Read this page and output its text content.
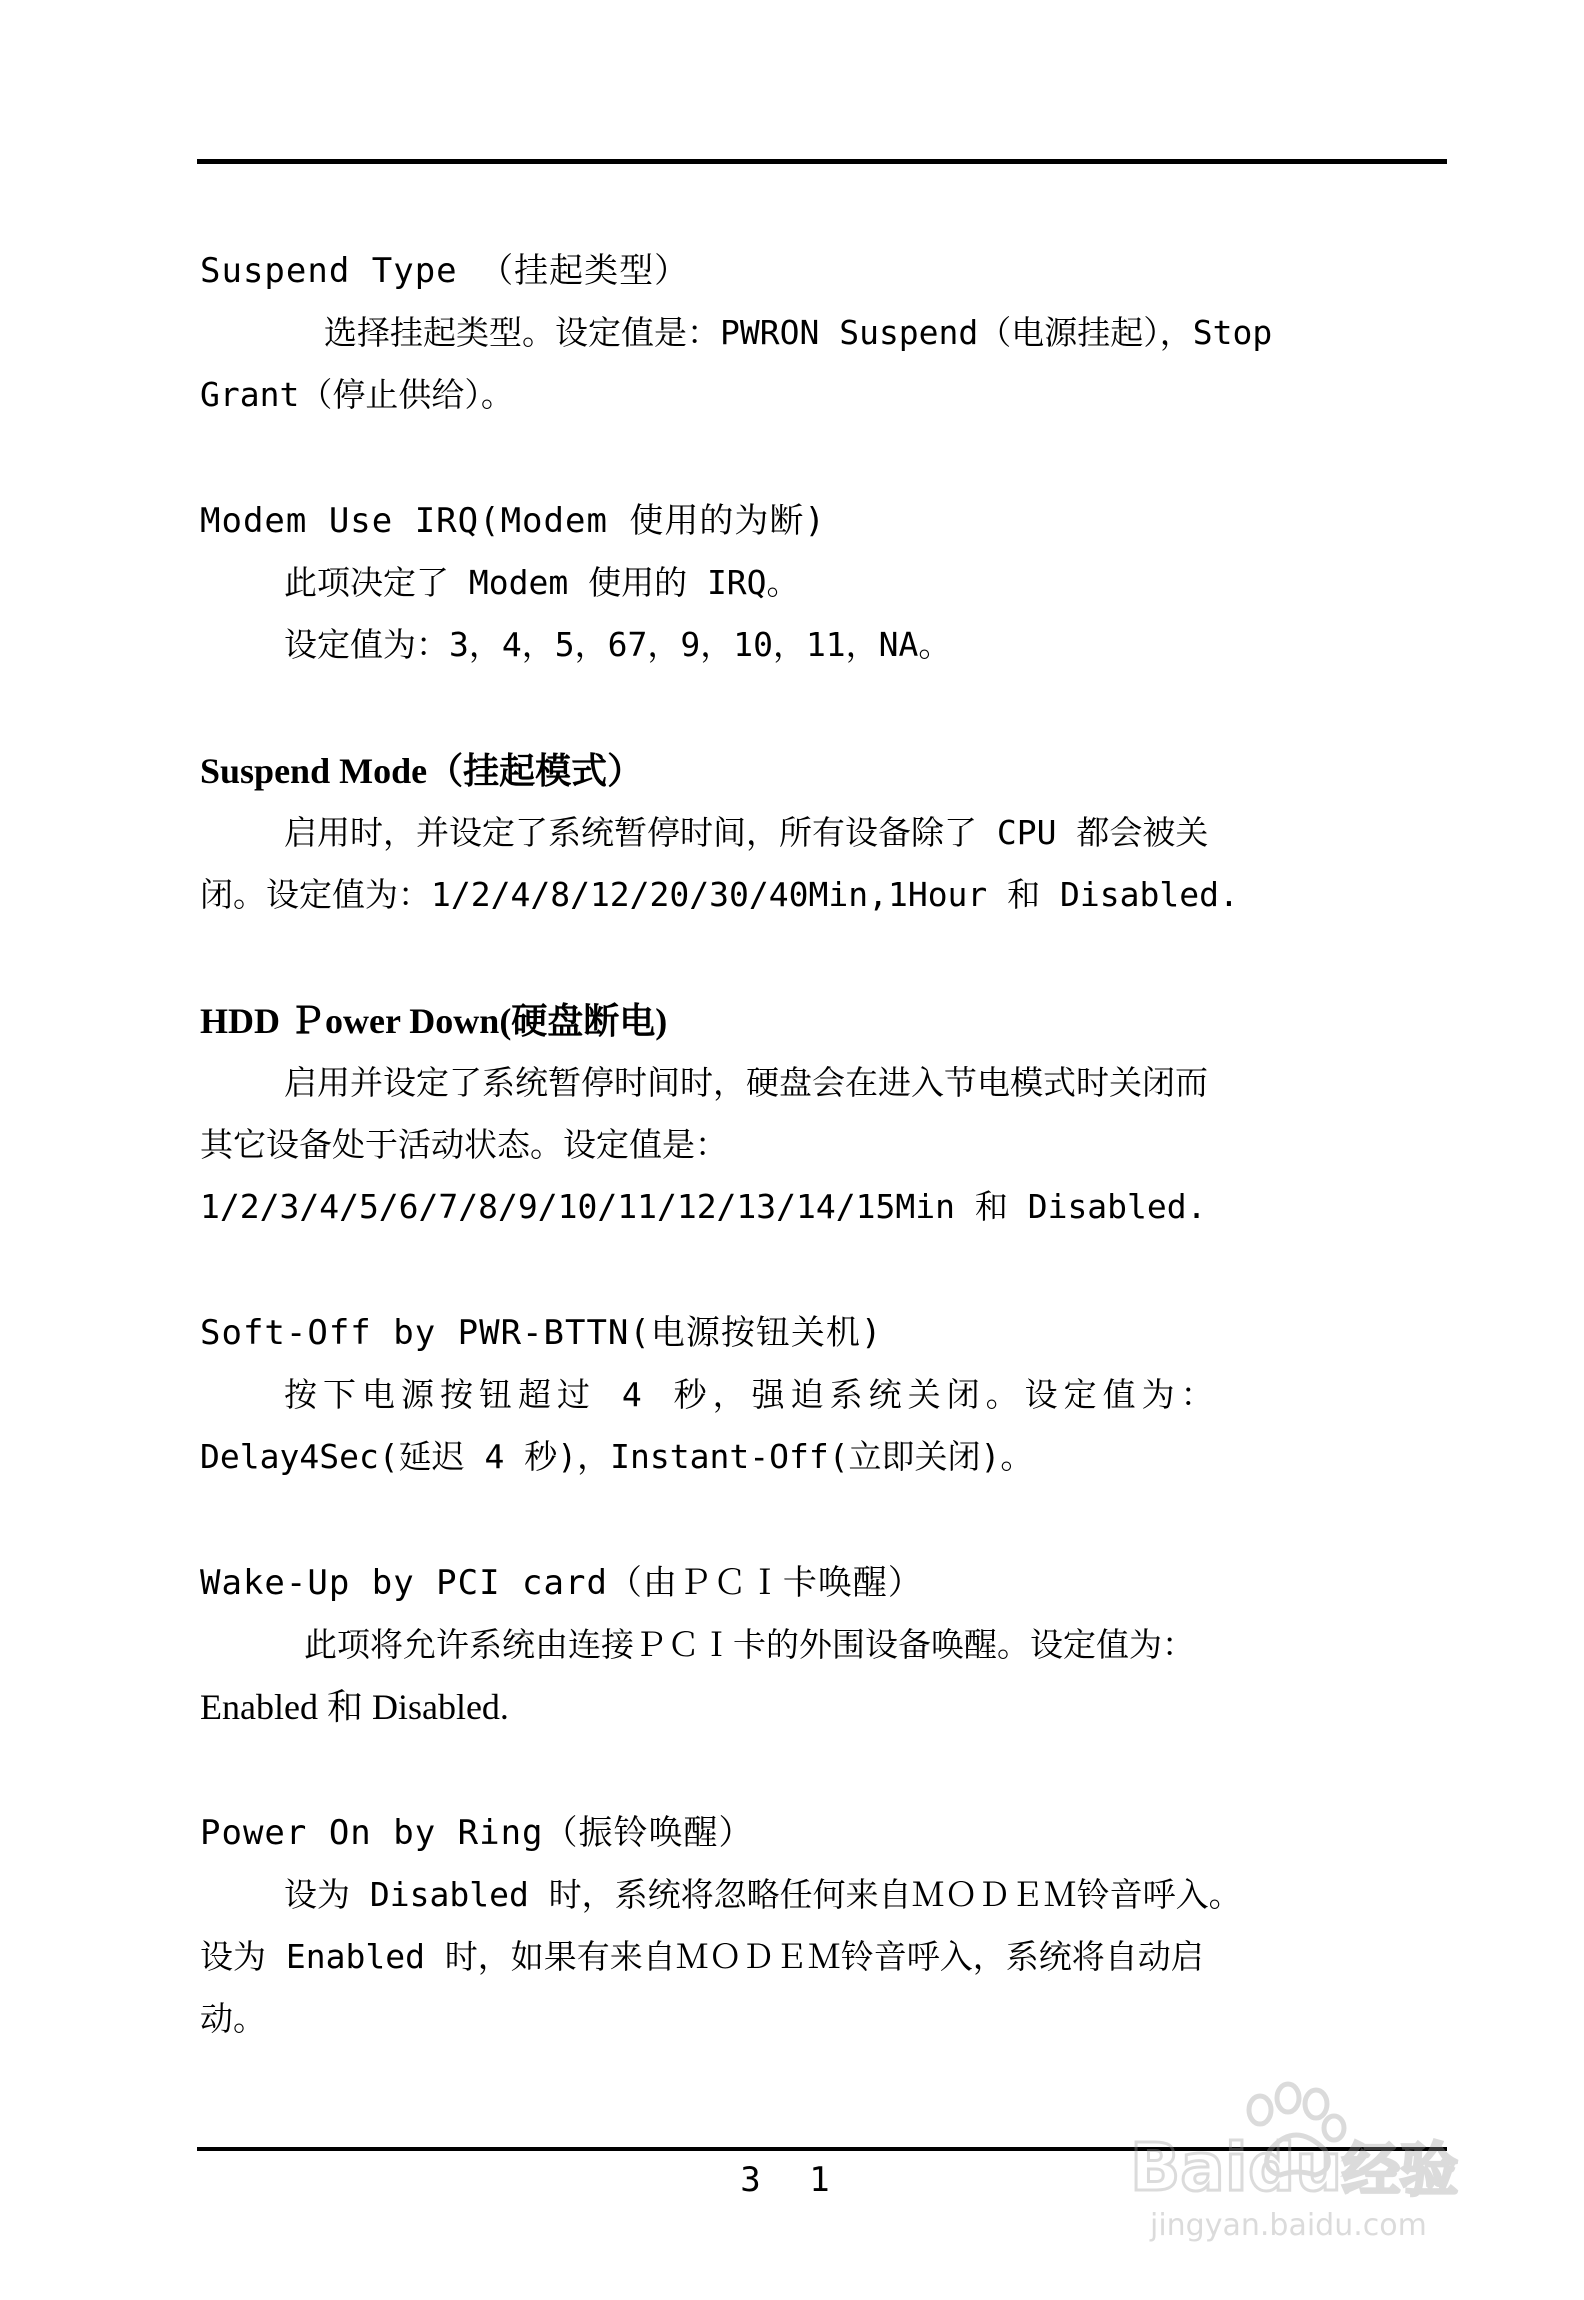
Suspend Type （挂起类型）
选择挂起类型。设定值是：PWRON Suspend（电源挂起），Stop
Grant（停止供给）。
Modem Use IRQ(Modem 使用的为断)
此项决定了 Modem 使用的 IRQ。
设定值为：3，4，5，67，9，10，11，NA。
Suspend Mode（挂起模式）
启用时，并设定了系统暂停时间，所有设备除了 CPU 都会被关
闭。设定值为：1/2/4/8/12/20/30/40Min,1Hour 和 Disabled.
HDD Ｐower Down(硬盘断电)
启用并设定了系统暂停时间时，硬盘会在进入节电模式时关闭而
其它设备处于活动状态。设定值是：
1/2/3/4/5/6/7/8/9/10/11/12/13/14/15Min 和 Disabled.
Soft-Off by PWR-BTTN(电源按钮关机)
按下电源按钮超过 4 秒，强迫系统关闭。设定值为：
Delay4Sec(延迟 4 秒)，Instant-Off(立即关闭)。
Wake-Up by PCI card（由ＰＣＩ卡唤醒）
此项将允许系统由连接ＰＣＩ卡的外围设备唤醒。设定值为：
Enabled 和 Disabled.
Power On by Ring（振铃唤醒）
设为 Disabled 时，系统将忽略任何来自ＭＯＤＥＭ铃音呼入。
设为 Enabled 时，如果有来自ＭＯＤＥＭ铃音呼入，系统将自动启
动。
3 1	Bai du 经验
jingyan.baidu.com
